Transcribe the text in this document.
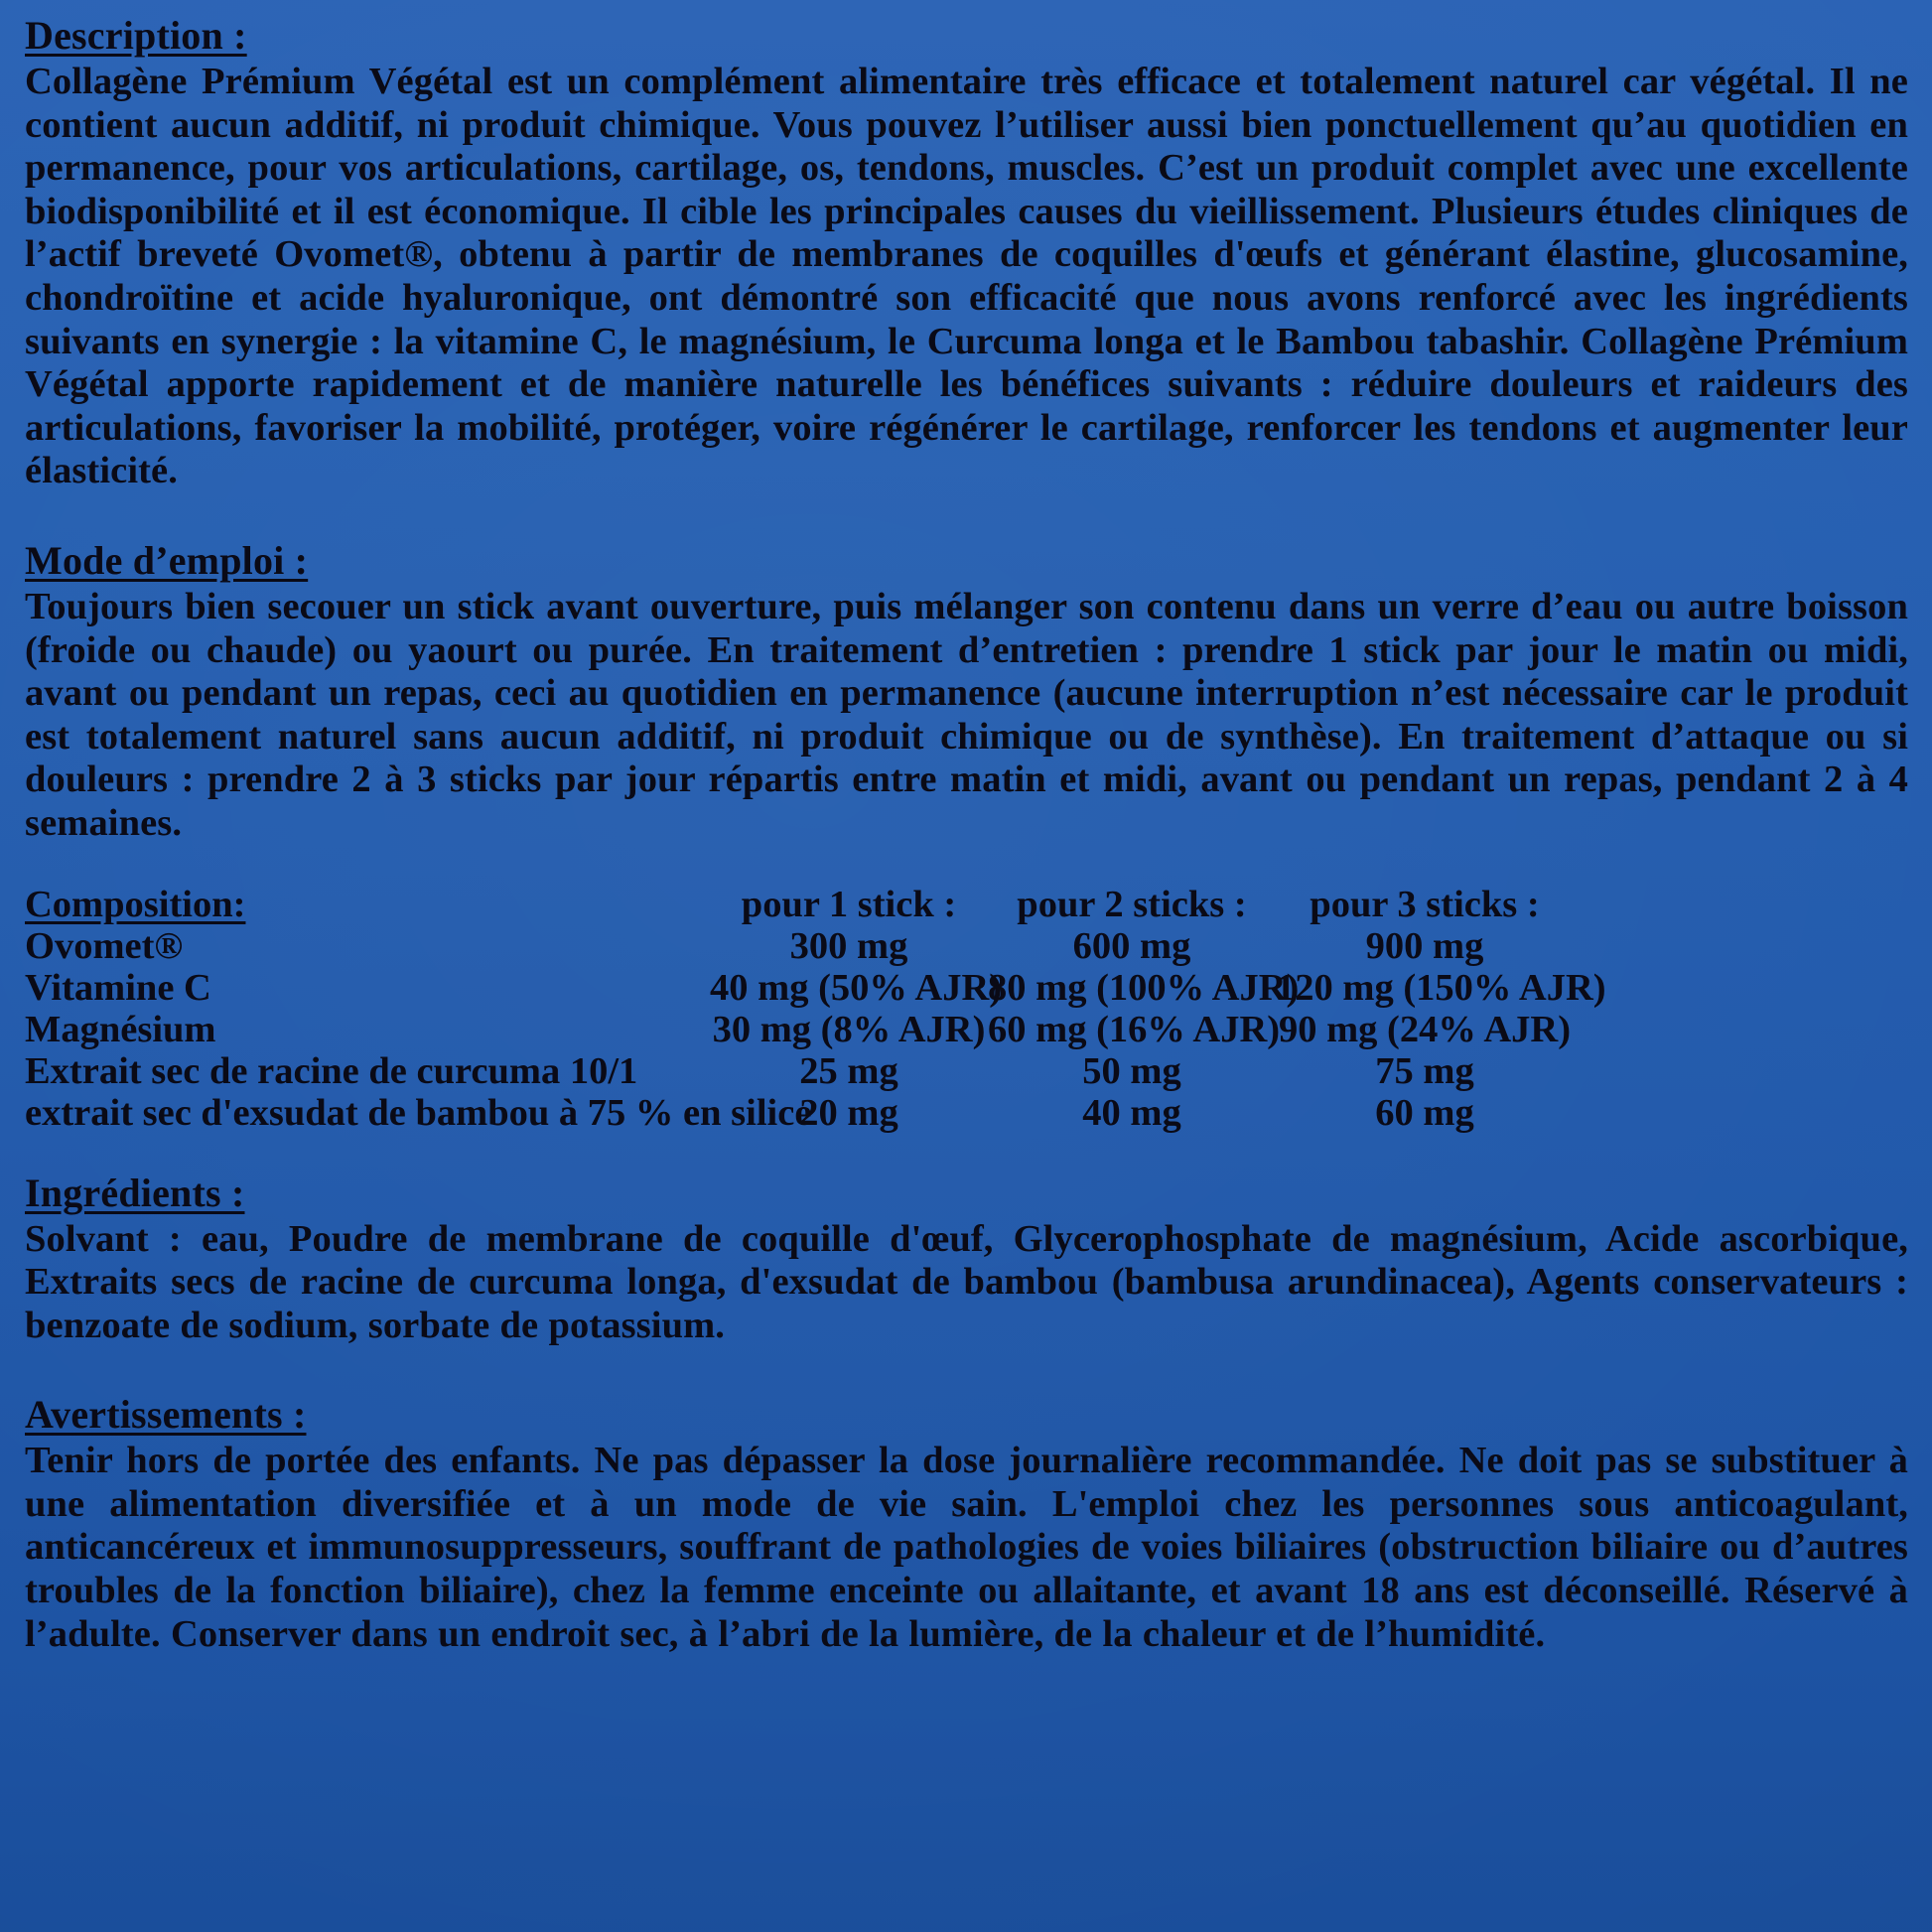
Description :

Collagène Prémium Végétal est un complément alimentaire très efficace et totalement naturel car végétal. Il ne contient aucun additif, ni produit chimique. Vous pouvez l’utiliser aussi bien ponctuellement qu’au quotidien en permanence, pour vos articulations, cartilage, os, tendons, muscles. C’est un produit complet avec une excellente biodisponibilité et il est économique. Il cible les principales causes du vieillissement. Plusieurs études cliniques de l’actif breveté Ovomet®, obtenu à partir de membranes de coquilles d'œufs et générant élastine, glucosamine, chondroïtine et acide hyaluronique, ont démontré son efficacité que nous avons renforcé avec les ingrédients suivants en synergie : la vitamine C, le magnésium, le Curcuma longa et le Bambou tabashir. Collagène Prémium Végétal apporte rapidement et de manière naturelle les bénéfices suivants : réduire douleurs et raideurs des articulations, favoriser la mobilité, protéger, voire régénérer le cartilage, renforcer les tendons et augmenter leur élasticité.

Mode d’emploi :

Toujours bien secouer un stick avant ouverture, puis mélanger son contenu dans un verre d’eau ou autre boisson (froide ou chaude) ou yaourt ou purée. En traitement d’entretien : prendre 1 stick par jour le matin ou midi, avant ou pendant un repas, ceci au quotidien en permanence (aucune interruption n’est nécessaire car le produit est totalement naturel sans aucun additif, ni produit chimique ou de synthèse). En traitement d’attaque ou si douleurs : prendre 2 à 3 sticks par jour répartis entre matin et midi, avant ou pendant un repas, pendant 2 à 4 semaines.

Composition:	pour 1 stick :	pour 2 sticks :	pour 3 sticks :
Ovomet®	300 mg	600 mg	900 mg
Vitamine C	40 mg (50% AJR)	80 mg (100% AJR)	120 mg (150% AJR)
Magnésium	30 mg (8% AJR)	60 mg (16% AJR)	90 mg (24% AJR)
Extrait sec de racine de curcuma 10/1	25 mg	50 mg	75 mg
extrait sec d'exsudat de bambou à 75 % en silice	20 mg	40 mg	60 mg
Ingrédients :

Solvant : eau, Poudre de membrane de coquille d'œuf, Glycerophosphate de magnésium, Acide ascorbique, Extraits secs de racine de curcuma longa, d'exsudat de bambou (bambusa arundinacea), Agents conservateurs : benzoate de sodium, sorbate de potassium.

Avertissements :

Tenir hors de portée des enfants. Ne pas dépasser la dose journalière recommandée. Ne doit pas se substituer à une alimentation diversifiée et à un mode de vie sain. L'emploi chez les personnes sous anticoagulant, anticancéreux et immunosuppresseurs, souffrant de pathologies de voies biliaires (obstruction biliaire ou d’autres troubles de la fonction biliaire), chez la femme enceinte ou allaitante, et avant 18 ans est déconseillé. Réservé à l’adulte. Conserver dans un endroit sec, à l’abri de la lumière, de la chaleur et de l’humidité.
